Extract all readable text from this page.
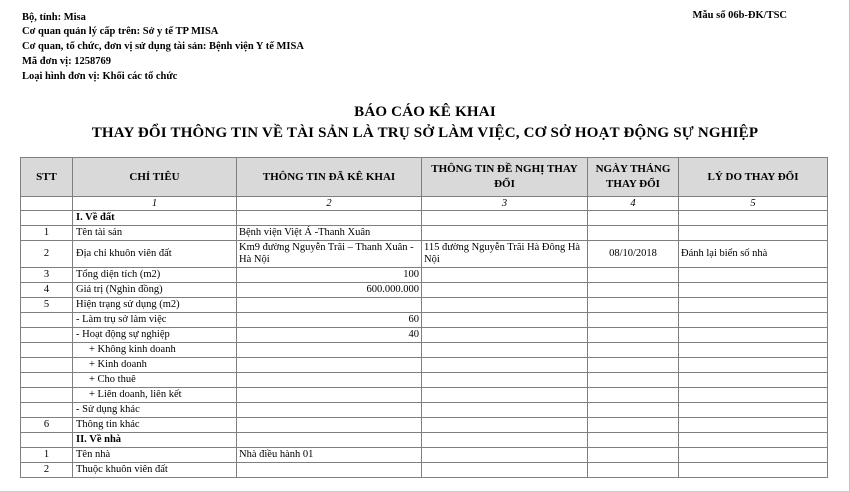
Bộ, tỉnh: Misa
Cơ quan quản lý cấp trên: Sở y tế TP MISA
Cơ quan, tổ chức, đơn vị sử dụng tài sản: Bệnh viện Y tế MISA
Mã đơn vị: 1258769
Loại hình đơn vị: Khối các tổ chức
Mẫu số 06b-ĐK/TSC
BÁO CÁO KÊ KHAI
THAY ĐỔI THÔNG TIN VỀ TÀI SẢN LÀ TRỤ SỞ LÀM VIỆC, CƠ SỞ HOẠT ĐỘNG SỰ NGHIỆP
STT	CHỈ TIÊU	THÔNG TIN ĐÃ KÊ KHAI	THÔNG TIN ĐỀ NGHỊ THAY ĐỔI	NGÀY THÁNG THAY ĐỔI	LÝ DO THAY ĐỔI
	1	2	3	4	5
	I. Về đất				
1	Tên tài sản	Bệnh viện Việt Á -Thanh Xuân			
2	Địa chỉ khuôn viên đất	Km9 đường Nguyễn Trãi – Thanh Xuân - Hà Nội	115 đường Nguyễn Trãi Hà Đông Hà Nội	08/10/2018	Đánh lại biển số nhà
3	Tổng diện tích (m2)	100			
4	Giá trị (Nghìn đồng)	600.000.000			
5	Hiện trạng sử dụng (m2)				
	- Làm trụ sở làm việc	60			
	- Hoạt động sự nghiệp	40			
	+ Không kinh doanh				
	+ Kinh doanh				
	+ Cho thuê				
	+ Liên doanh, liên kết				
	- Sử dụng khác				
6	Thông tin khác				
	II. Về nhà				
1	Tên nhà	Nhà điều hành 01			
2	Thuộc khuôn viên đất				
